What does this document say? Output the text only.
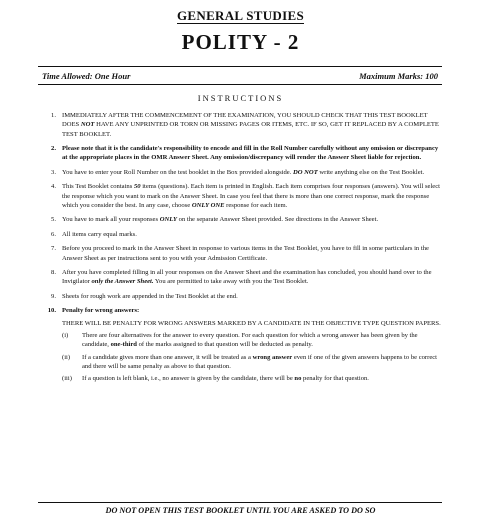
GENERAL STUDIES
POLITY - 2
Time Allowed: One Hour	Maximum Marks: 100
INSTRUCTIONS
1. IMMEDIATELY AFTER THE COMMENCEMENT OF THE EXAMINATION, YOU SHOULD CHECK THAT THIS TEST BOOKLET DOES NOT HAVE ANY UNPRINTED OR TORN OR MISSING PAGES OR ITEMS, ETC. IF SO, GET IT REPLACED BY A COMPLETE TEST BOOKLET.
2. Please note that it is the candidate's responsibility to encode and fill in the Roll Number carefully without any omission or discrepancy at the appropriate places in the OMR Answer Sheet. Any omission/discrepancy will render the Answer Sheet liable for rejection.
3. You have to enter your Roll Number on the test booklet in the Box provided alongside. DO NOT write anything else on the Test Booklet.
4. This Test Booklet contains 50 items (questions). Each item is printed in English. Each item comprises four responses (answers). You will select the response which you want to mark on the Answer Sheet. In case you feel that there is more than one correct response, mark the response which you consider the best. In any case, choose ONLY ONE response for each item.
5. You have to mark all your responses ONLY on the separate Answer Sheet provided. See directions in the Answer Sheet.
6. All items carry equal marks.
7. Before you proceed to mark in the Answer Sheet in response to various items in the Test Booklet, you have to fill in some particulars in the Answer Sheet as per instructions sent to you with your Admission Certificate.
8. After you have completed filling in all your responses on the Answer Sheet and the examination has concluded, you should hand over to the Invigilator only the Answer Sheet. You are permitted to take away with you the Test Booklet.
9. Sheets for rough work are appended in the Test Booklet at the end.
10. Penalty for wrong answers:
THERE WILL BE PENALTY FOR WRONG ANSWERS MARKED BY A CANDIDATE IN THE OBJECTIVE TYPE QUESTION PAPERS.
(i) There are four alternatives for the answer to every question. For each question for which a wrong answer has been given by the candidate, one-third of the marks assigned to that question will be deducted as penalty.
(ii) If a candidate gives more than one answer, it will be treated as a wrong answer even if one of the given answers happens to be correct and there will be same penalty as above to that question.
(iii) If a question is left blank, i.e., no answer is given by the candidate, there will be no penalty for that question.
DO NOT OPEN THIS TEST BOOKLET UNTIL YOU ARE ASKED TO DO SO
